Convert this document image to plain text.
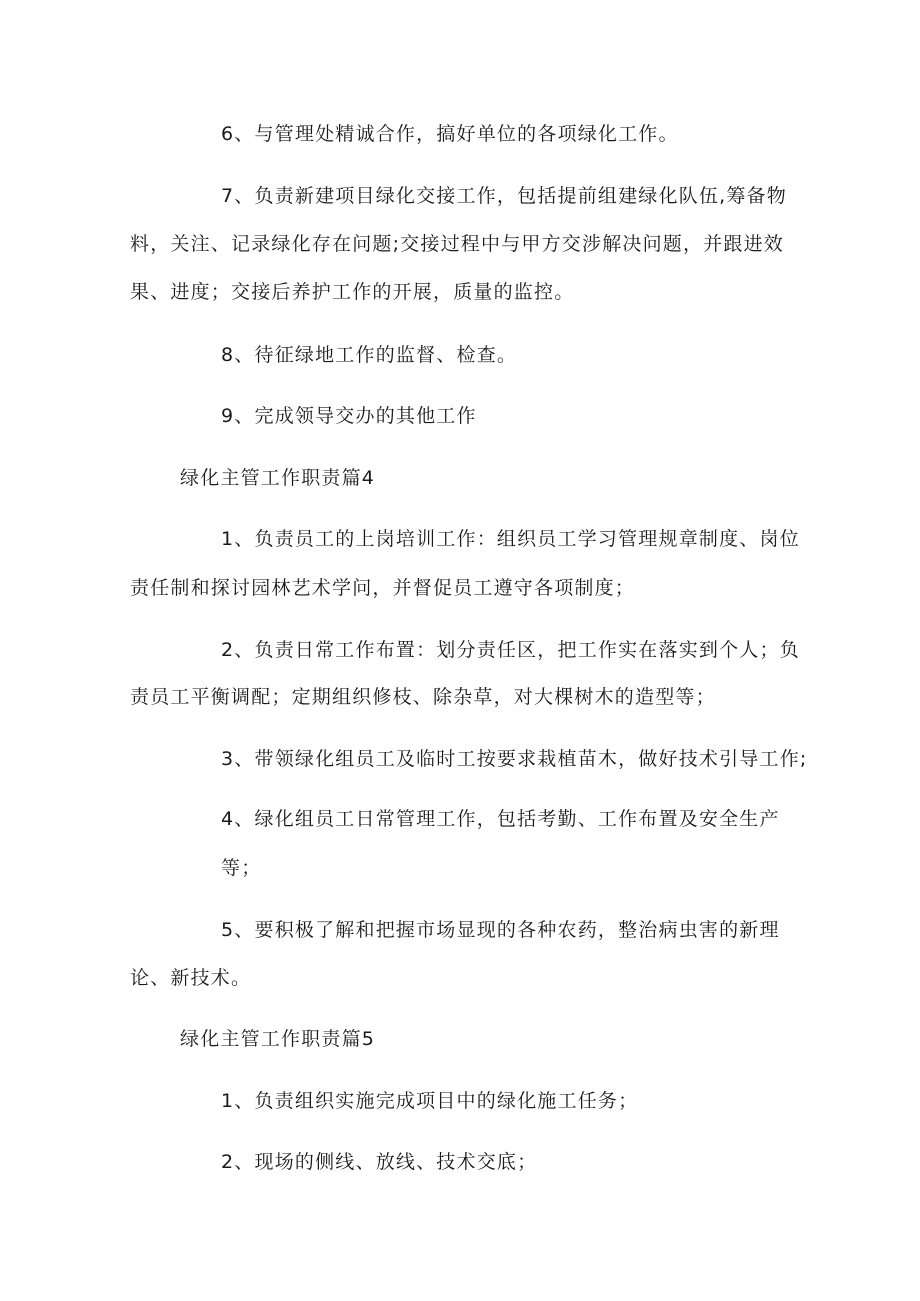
6、与管理处精诚合作，搞好单位的各项绿化工作。
7、负责新建项目绿化交接工作，包括提前组建绿化队伍,筹备物
料，关注、记录绿化存在问题;交接过程中与甲方交涉解决问题，并跟进效
果、进度；交接后养护工作的开展，质量的监控。
8、待征绿地工作的监督、检查。
9、完成领导交办的其他工作
绿化主管工作职责篇4
1、负责员工的上岗培训工作：组织员工学习管理规章制度、岗位
责任制和探讨园林艺术学问，并督促员工遵守各项制度；
2、负责日常工作布置：划分责任区，把工作实在落实到个人；负
责员工平衡调配；定期组织修枝、除杂草，对大棵树木的造型等；
3、带领绿化组员工及临时工按要求栽植苗木，做好技术引导工作;
4、绿化组员工日常管理工作，包括考勤、工作布置及安全生产
等；
5、要积极了解和把握市场显现的各种农药，整治病虫害的新理
论、新技术。
绿化主管工作职责篇5
1、负责组织实施完成项目中的绿化施工任务；
2、现场的侧线、放线、技术交底；
